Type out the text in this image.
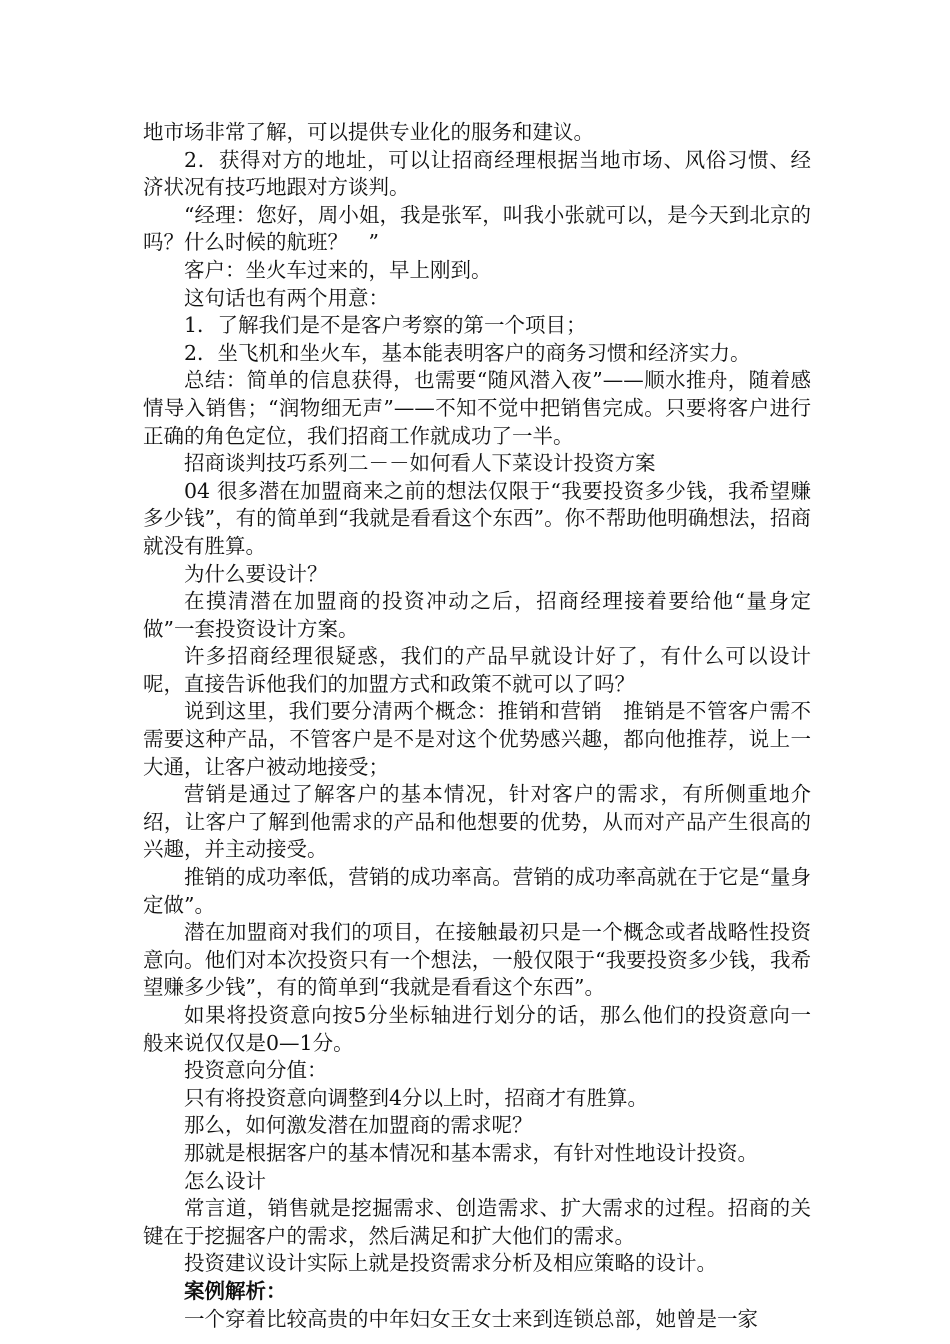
地市场非常了解，可以提供专业化的服务和建议。

2．获得对方的地址，可以让招商经理根据当地市场、风俗习惯、经济状况有技巧地跟对方谈判。

“经理：您好，周小姐，我是张军，叫我小张就可以，是今天到北京的吗？什么时候的航班？　”

客户：坐火车过来的，早上刚到。

这句话也有两个用意：

1．了解我们是不是客户考察的第一个项目；

2．坐飞机和坐火车，基本能表明客户的商务习惯和经济实力。

总结：简单的信息获得，也需要“随风潜入夜”——顺水推舟，随着感情导入销售；“润物细无声”——不知不觉中把销售完成。只要将客户进行正确的角色定位，我们招商工作就成功了一半。

招商谈判技巧系列二－－如何看人下菜设计投资方案

04 很多潜在加盟商来之前的想法仅限于“我要投资多少钱，我希望赚多少钱”，有的简单到“我就是看看这个东西”。你不帮助他明确想法，招商就没有胜算。

为什么要设计？

在摸清潜在加盟商的投资冲动之后，招商经理接着要给他“量身定做”一套投资设计方案。

许多招商经理很疑惑，我们的产品早就设计好了，有什么可以设计呢，直接告诉他我们的加盟方式和政策不就可以了吗？

说到这里，我们要分清两个概念：推销和营销　推销是不管客户需不需要这种产品，不管客户是不是对这个优势感兴趣，都向他推荐，说上一大通，让客户被动地接受；

营销是通过了解客户的基本情况，针对客户的需求，有所侧重地介绍，让客户了解到他需求的产品和他想要的优势，从而对产品产生很高的兴趣，并主动接受。

推销的成功率低，营销的成功率高。营销的成功率高就在于它是“量身定做”。

潜在加盟商对我们的项目，在接触最初只是一个概念或者战略性投资意向。他们对本次投资只有一个想法，一般仅限于“我要投资多少钱，我希望赚多少钱”，有的简单到“我就是看看这个东西”。

如果将投资意向按5分坐标轴进行划分的话，那么他们的投资意向一般来说仅仅是0—1分。

投资意向分值：

只有将投资意向调整到4分以上时，招商才有胜算。

那么，如何激发潜在加盟商的需求呢？

那就是根据客户的基本情况和基本需求，有针对性地设计投资。

怎么设计

常言道，销售就是挖掘需求、创造需求、扩大需求的过程。招商的关键在于挖掘客户的需求，然后满足和扩大他们的需求。

投资建议设计实际上就是投资需求分析及相应策略的设计。

案例解析：

一个穿着比较高贵的中年妇女王女士来到连锁总部，她曾是一家
